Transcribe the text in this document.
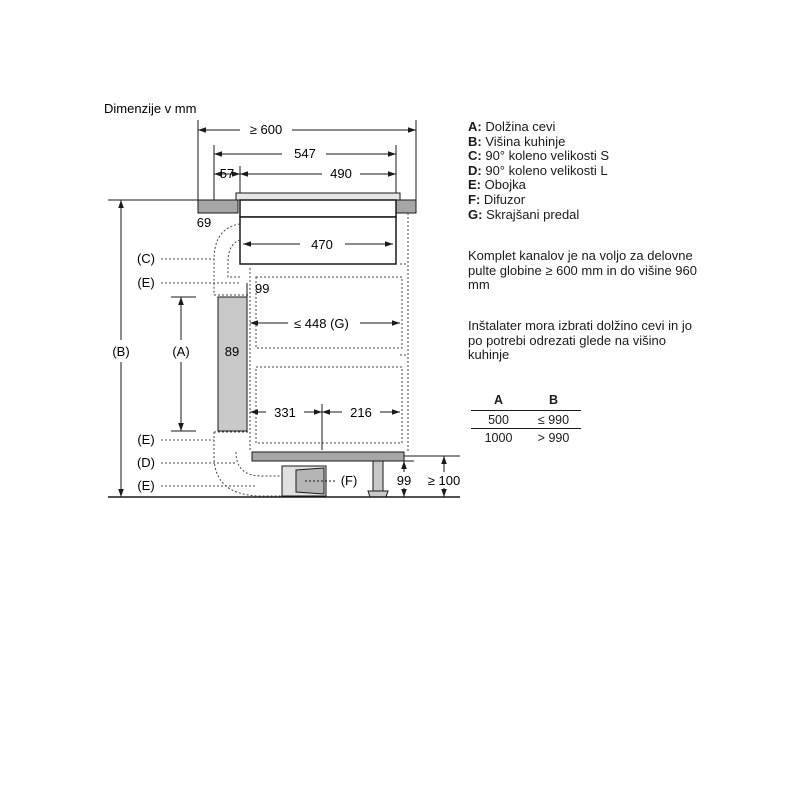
Dimenzije v mm
≥ 600
547
57	490
69
470
89
99
≤ 448 (G)
331	216
99 ≥ 100
(B)	(A)
(C)
(E)
(E)
(D)
(E)	(F)
A: Dolžina cevi
B: Višina kuhinje
C: 90° koleno velikosti S
D: 90° koleno velikosti L
E: Obojka
F: Difuzor
G: Skrajšani predal
Komplet kanalov je na voljo za delovne pulte globine ≥ 600 mm in do višine 960 mm
Inštalater mora izbrati dolžino cevi in jo po potrebi odrezati glede na višino kuhinje
A	B
500	≤ 990
1000	> 990
